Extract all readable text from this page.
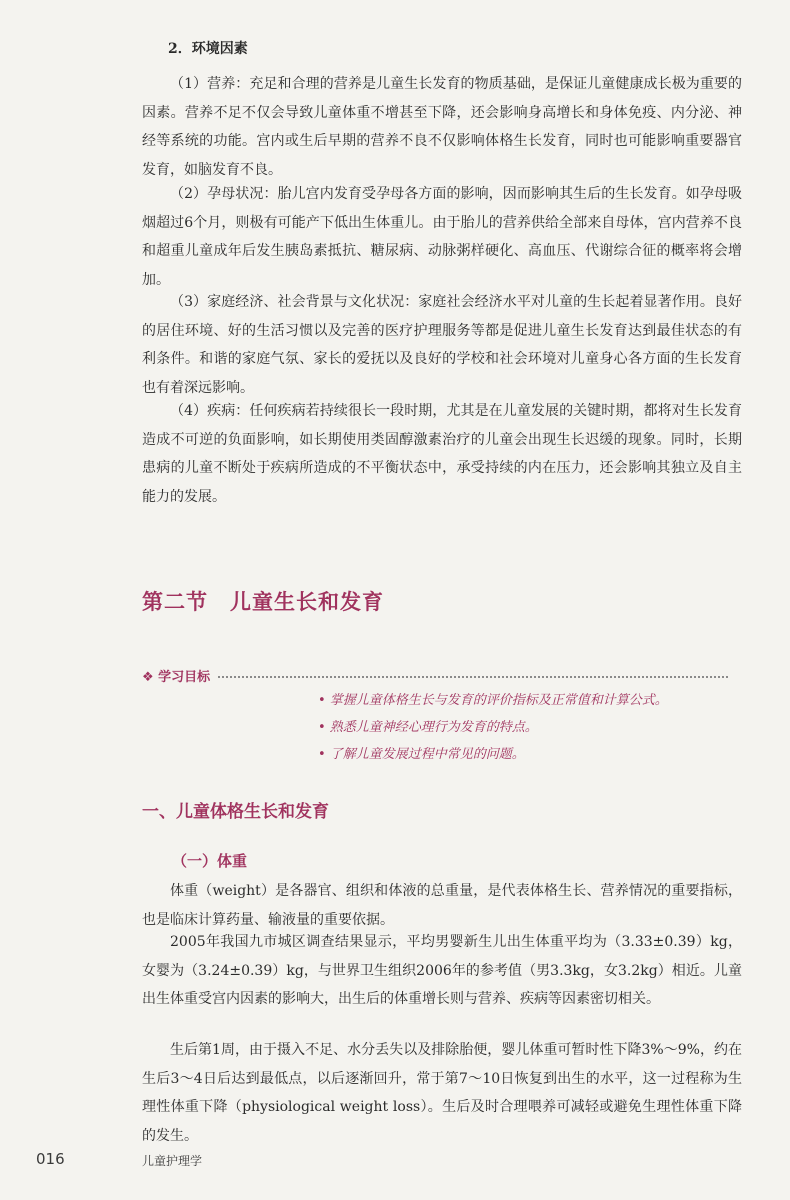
2．环境因素

（1）营养：充足和合理的营养是儿童生长发育的物质基础，是保证儿童健康成长极为重要的因素。营养不足不仅会导致儿童体重不增甚至下降，还会影响身高增长和身体免疫、内分泌、神经等系统的功能。宫内或生后早期的营养不良不仅影响体格生长发育，同时也可能影响重要器官发育，如脑发育不良。

（2）孕母状况：胎儿宫内发育受孕母各方面的影响，因而影响其生后的生长发育。如孕母吸烟超过6个月，则极有可能产下低出生体重儿。由于胎儿的营养供给全部来自母体，宫内营养不良和超重儿童成年后发生胰岛素抵抗、糖尿病、动脉粥样硬化、高血压、代谢综合征的概率将会增加。

（3）家庭经济、社会背景与文化状况：家庭社会经济水平对儿童的生长起着显著作用。良好的居住环境、好的生活习惯以及完善的医疗护理服务等都是促进儿童生长发育达到最佳状态的有利条件。和谐的家庭气氛、家长的爱抚以及良好的学校和社会环境对儿童身心各方面的生长发育也有着深远影响。

（4）疾病：任何疾病若持续很长一段时期，尤其是在儿童发展的关键时期，都将对生长发育造成不可逆的负面影响，如长期使用类固醇激素治疗的儿童会出现生长迟缓的现象。同时，长期患病的儿童不断处于疾病所造成的不平衡状态中，承受持续的内在压力，还会影响其独立及自主能力的发展。

第二节 儿童生长和发育
❖ 学习目标
• 掌握儿童体格生长与发育的评价指标及正常值和计算公式。
• 熟悉儿童神经心理行为发育的特点。
• 了解儿童发展过程中常见的问题。
一、儿童体格生长和发育
（一）体重

体重（weight）是各器官、组织和体液的总重量，是代表体格生长、营养情况的重要指标，也是临床计算药量、输液量的重要依据。

2005年我国九市城区调查结果显示，平均男婴新生儿出生体重平均为（3.33±0.39）kg，女婴为（3.24±0.39）kg，与世界卫生组织2006年的参考值（男3.3kg，女3.2kg）相近。儿童出生体重受宫内因素的影响大，出生后的体重增长则与营养、疾病等因素密切相关。

生后第1周，由于摄入不足、水分丢失以及排除胎便，婴儿体重可暂时性下降3%～9%，约在生后3～4日后达到最低点，以后逐渐回升，常于第7～10日恢复到出生的水平，这一过程称为生理性体重下降（physiological weight loss）。生后及时合理喂养可减轻或避免生理性体重下降的发生。

016	儿童护理学
